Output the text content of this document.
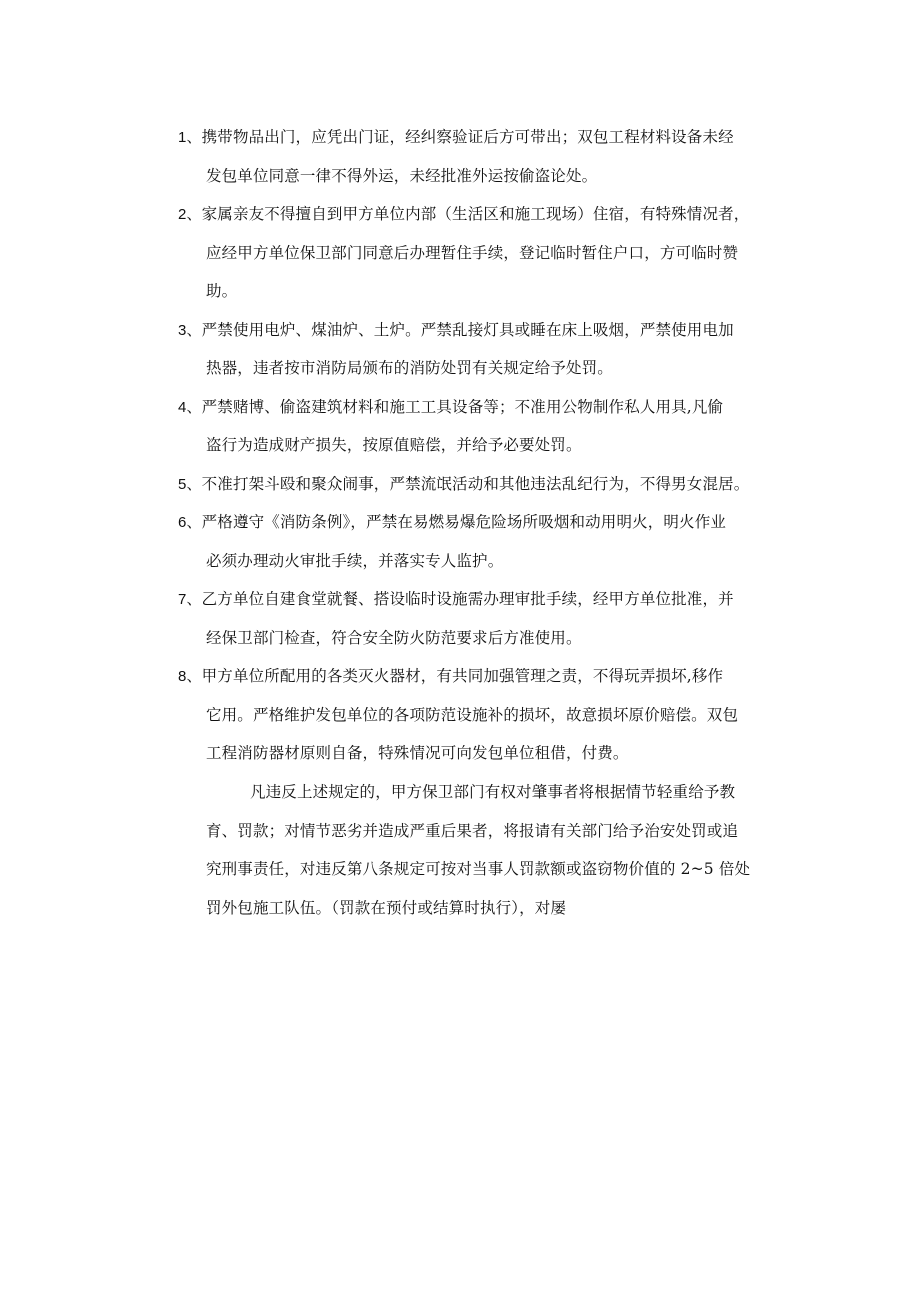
1、携带物品出门，应凭出门证，经纠察验证后方可带出；双包工程材料设备未经
发包单位同意一律不得外运，未经批准外运按偷盗论处。
2、家属亲友不得擅自到甲方单位内部（生活区和施工现场）住宿，有特殊情况者，
应经甲方单位保卫部门同意后办理暂住手续，登记临时暂住户口，方可临时赞
助。
3、严禁使用电炉、煤油炉、土炉。严禁乱接灯具或睡在床上吸烟，严禁使用电加
热器，违者按市消防局颁布的消防处罚有关规定给予处罚。
4、严禁赌博、偷盗建筑材料和施工工具设备等；不准用公物制作私人用具,凡偷
盗行为造成财产损失，按原值赔偿，并给予必要处罚。
5、不准打架斗殴和聚众闹事，严禁流氓活动和其他违法乱纪行为，不得男女混居。
6、严格遵守《消防条例》，严禁在易燃易爆危险场所吸烟和动用明火，明火作业
必须办理动火审批手续，并落实专人监护。
7、乙方单位自建食堂就餐、搭设临时设施需办理审批手续，经甲方单位批准，并
经保卫部门检查，符合安全防火防范要求后方准使用。
8、甲方单位所配用的各类灭火器材，有共同加强管理之责，不得玩弄损坏,移作
它用。严格维护发包单位的各项防范设施补的损坏，故意损坏原价赔偿。双包
工程消防器材原则自备，特殊情况可向发包单位租借，付费。
凡违反上述规定的，甲方保卫部门有权对肇事者将根据情节轻重给予教
育、罚款；对情节恶劣并造成严重后果者，将报请有关部门给予治安处罚或追
究刑事责任，对违反第八条规定可按对当事人罚款额或盗窃物价值的 2~5 倍处
罚外包施工队伍。（罚款在预付或结算时执行），对屡
